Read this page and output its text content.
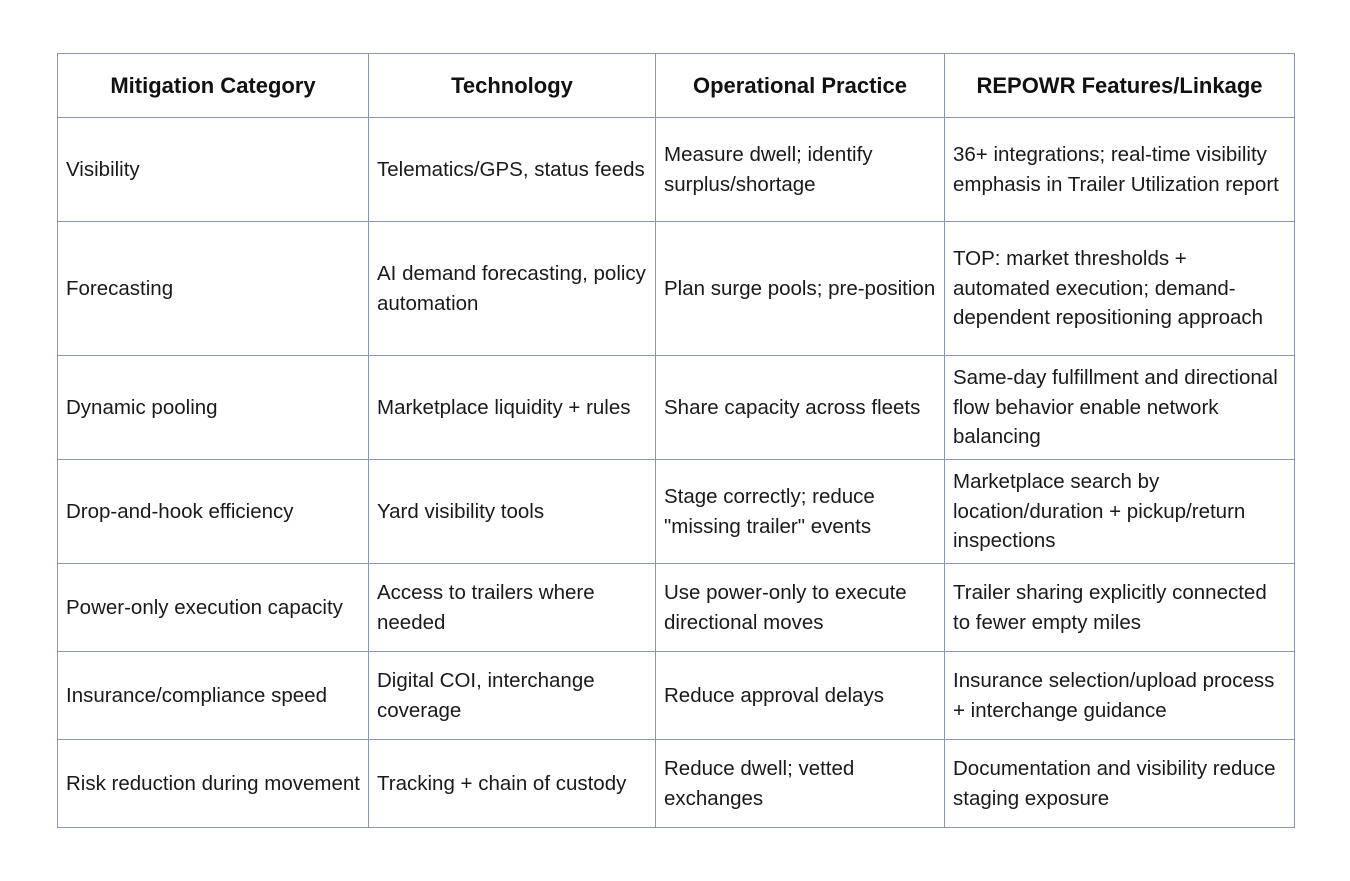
Mitigation Category	Technology	Operational Practice	REPOWR Features/Linkage
Visibility	Telematics/GPS, status feeds	Measure dwell; identify surplus/shortage	36+ integrations; real-time visibility emphasis in Trailer Utilization report
Forecasting	AI demand forecasting, policy automation	Plan surge pools; pre-position	TOP: market thresholds + automated execution; demand-dependent repositioning approach
Dynamic pooling	Marketplace liquidity + rules	Share capacity across fleets	Same-day fulfillment and directional flow behavior enable network balancing
Drop-and-hook efficiency	Yard visibility tools	Stage correctly; reduce "missing trailer" events	Marketplace search by location/duration + pickup/return inspections
Power-only execution capacity	Access to trailers where needed	Use power-only to execute directional moves	Trailer sharing explicitly connected to fewer empty miles
Insurance/compliance speed	Digital COI, interchange coverage	Reduce approval delays	Insurance selection/upload process + interchange guidance
Risk reduction during movement	Tracking + chain of custody	Reduce dwell; vetted exchanges	Documentation and visibility reduce staging exposure
